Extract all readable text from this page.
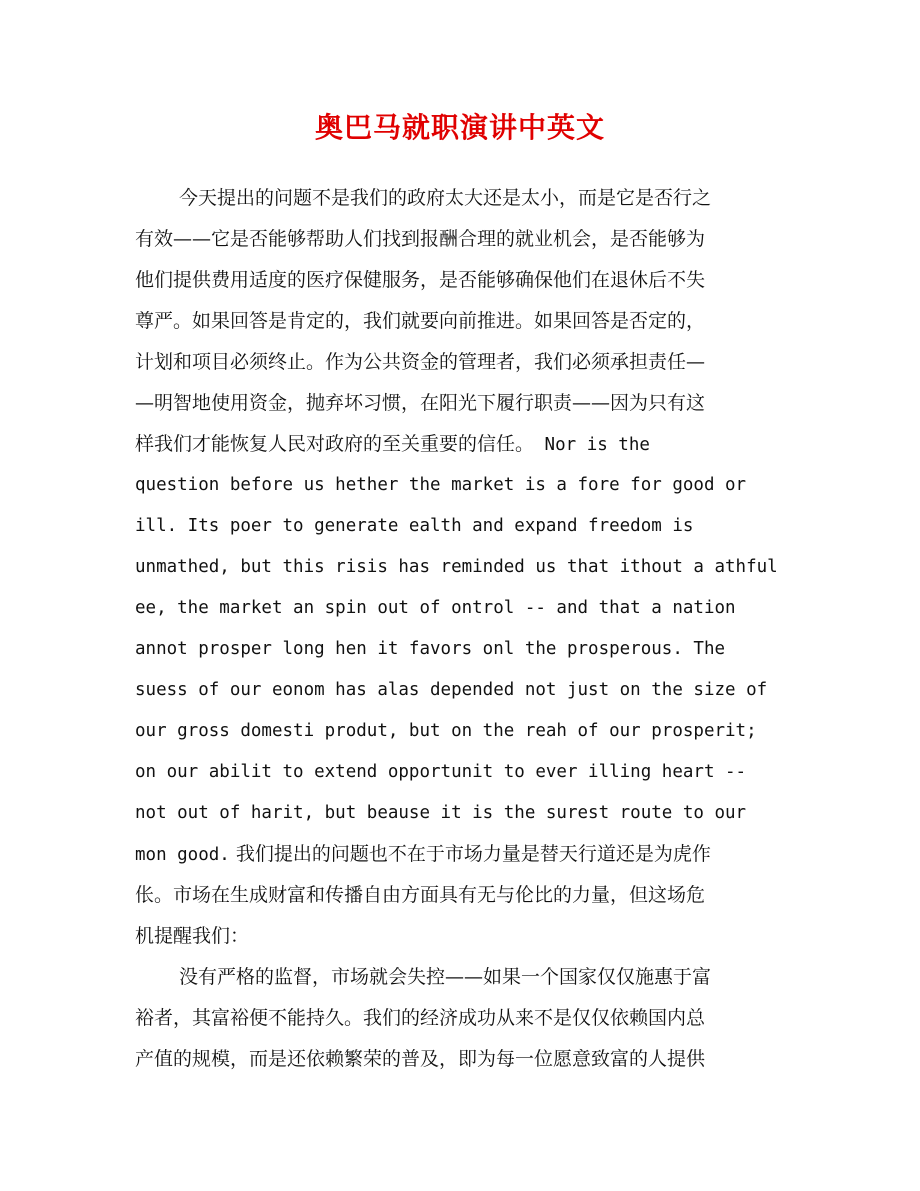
奥巴马就职演讲中英文
今天提出的问题不是我们的政府太大还是太小，而是它是否行之
有效——它是否能够帮助人们找到报酬合理的就业机会，是否能够为
他们提供费用适度的医疗保健服务，是否能够确保他们在退休后不失
尊严。如果回答是肯定的，我们就要向前推进。如果回答是否定的，
计划和项目必须终止。作为公共资金的管理者，我们必须承担责任—
—明智地使用资金，抛弃坏习惯，在阳光下履行职责——因为只有这
样我们才能恢复人民对政府的至关重要的信任。 Nor is the
question before us hether the market is a fore for good or
ill. Its poer to generate ealth and expand freedom is
unmathed, but this risis has reminded us that ithout a athful
ee, the market an spin out of ontrol -- and that a nation
annot prosper long hen it favors onl the prosperous. The
suess of our eonom has alas depended not just on the size of
our gross domesti produt, but on the reah of our prosperit;
on our abilit to extend opportunit to ever illing heart --
not out of harit, but beause it is the surest route to our
mon good. 我们提出的问题也不在于市场力量是替天行道还是为虎作
伥。市场在生成财富和传播自由方面具有无与伦比的力量，但这场危
机提醒我们：
没有严格的监督，市场就会失控——如果一个国家仅仅施惠于富
裕者，其富裕便不能持久。我们的经济成功从来不是仅仅依赖国内总
产值的规模，而是还依赖繁荣的普及，即为每一位愿意致富的人提供
